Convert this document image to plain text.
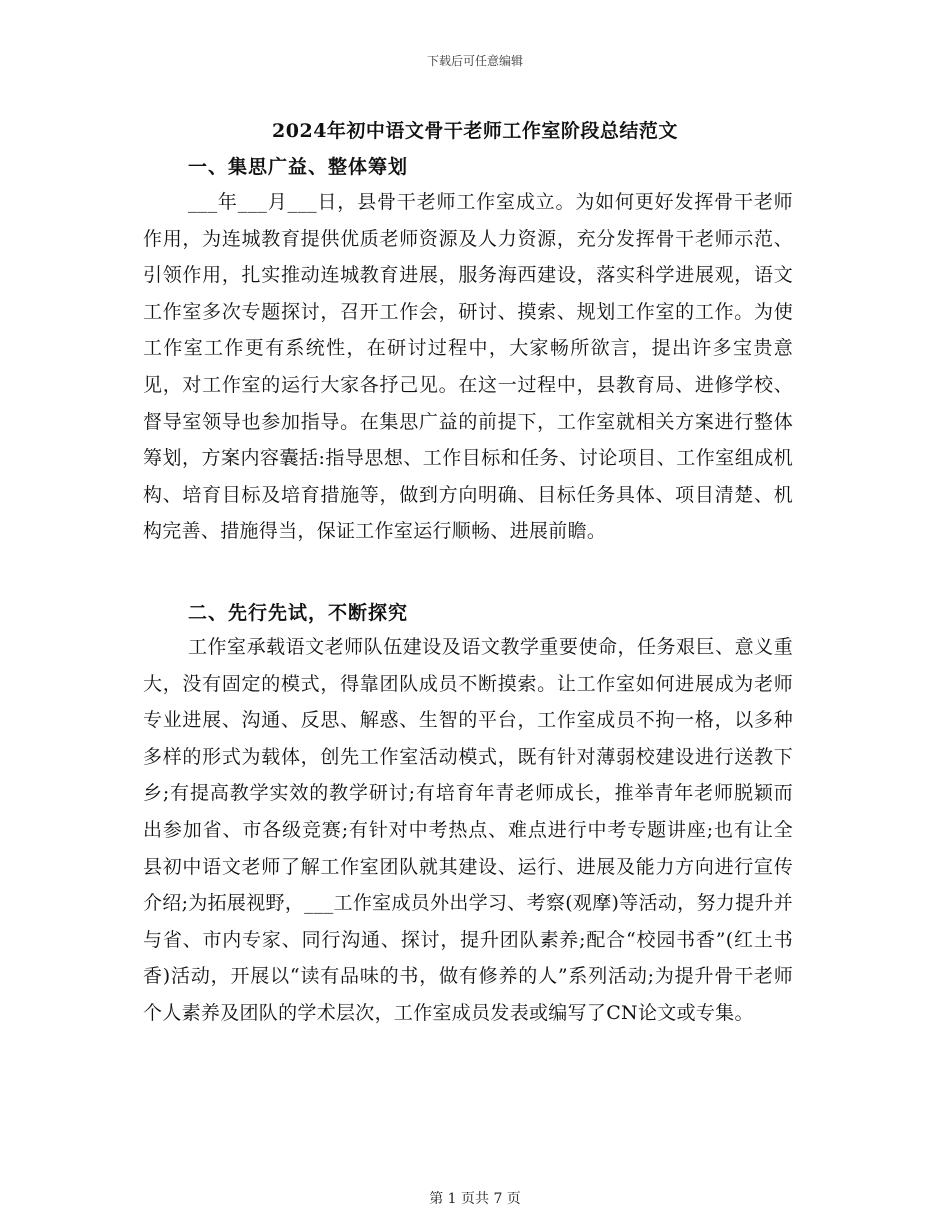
下载后可任意编辑
2024年初中语文骨干老师工作室阶段总结范文
一、集思广益、整体筹划
___年___月___日，县骨干老师工作室成立。为如何更好发挥骨干老师作用，为连城教育提供优质老师资源及人力资源，充分发挥骨干老师示范、引领作用，扎实推动连城教育进展，服务海西建设，落实科学进展观，语文工作室多次专题探讨，召开工作会，研讨、摸索、规划工作室的工作。为使工作室工作更有系统性，在研讨过程中，大家畅所欲言，提出许多宝贵意见，对工作室的运行大家各抒己见。在这一过程中，县教育局、进修学校、督导室领导也参加指导。在集思广益的前提下，工作室就相关方案进行整体筹划，方案内容囊括:指导思想、工作目标和任务、讨论项目、工作室组成机构、培育目标及培育措施等，做到方向明确、目标任务具体、项目清楚、机构完善、措施得当，保证工作室运行顺畅、进展前瞻。
二、先行先试，不断探究
工作室承载语文老师队伍建设及语文教学重要使命，任务艰巨、意义重大，没有固定的模式，得靠团队成员不断摸索。让工作室如何进展成为老师专业进展、沟通、反思、解惑、生智的平台，工作室成员不拘一格，以多种多样的形式为载体，创先工作室活动模式，既有针对薄弱校建设进行送教下乡;有提高教学实效的教学研讨;有培育年青老师成长，推举青年老师脱颖而出参加省、市各级竞赛;有针对中考热点、难点进行中考专题讲座;也有让全县初中语文老师了解工作室团队就其建设、运行、进展及能力方向进行宣传介绍;为拓展视野，___工作室成员外出学习、考察(观摩)等活动，努力提升并与省、市内专家、同行沟通、探讨，提升团队素养;配合“校园书香”(红土书香)活动，开展以“读有品味的书，做有修养的人”系列活动;为提升骨干老师个人素养及团队的学术层次，工作室成员发表或编写了CN论文或专集。
第 1 页共 7 页
